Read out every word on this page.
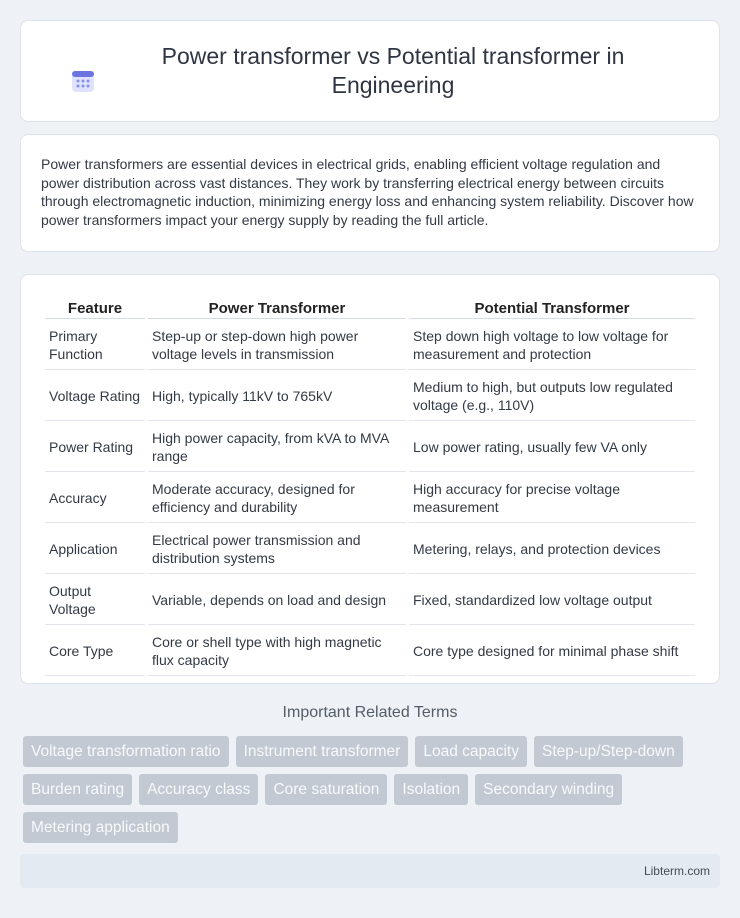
Power transformer vs Potential transformer in Engineering

Power transformers are essential devices in electrical grids, enabling efficient voltage regulation and power distribution across vast distances. They work by transferring electrical energy between circuits through electromagnetic induction, minimizing energy loss and enhancing system reliability. Discover how power transformers impact your energy supply by reading the full article.

Feature	Power Transformer	Potential Transformer
Primary Function	Step-up or step-down high power voltage levels in transmission	Step down high voltage to low voltage for measurement and protection
Voltage Rating	High, typically 11kV to 765kV	Medium to high, but outputs low regulated voltage (e.g., 110V)
Power Rating	High power capacity, from kVA to MVA range	Low power rating, usually few VA only
Accuracy	Moderate accuracy, designed for efficiency and durability	High accuracy for precise voltage measurement
Application	Electrical power transmission and distribution systems	Metering, relays, and protection devices
Output Voltage	Variable, depends on load and design	Fixed, standardized low voltage output
Core Type	Core or shell type with high magnetic flux capacity	Core type designed for minimal phase shift
Important Related Terms
Voltage transformation ratio	Instrument transformer	Load capacity	Step-up/Step-down
Burden rating	Accuracy class	Core saturation	Isolation	Secondary winding
Metering application
Libterm.com
